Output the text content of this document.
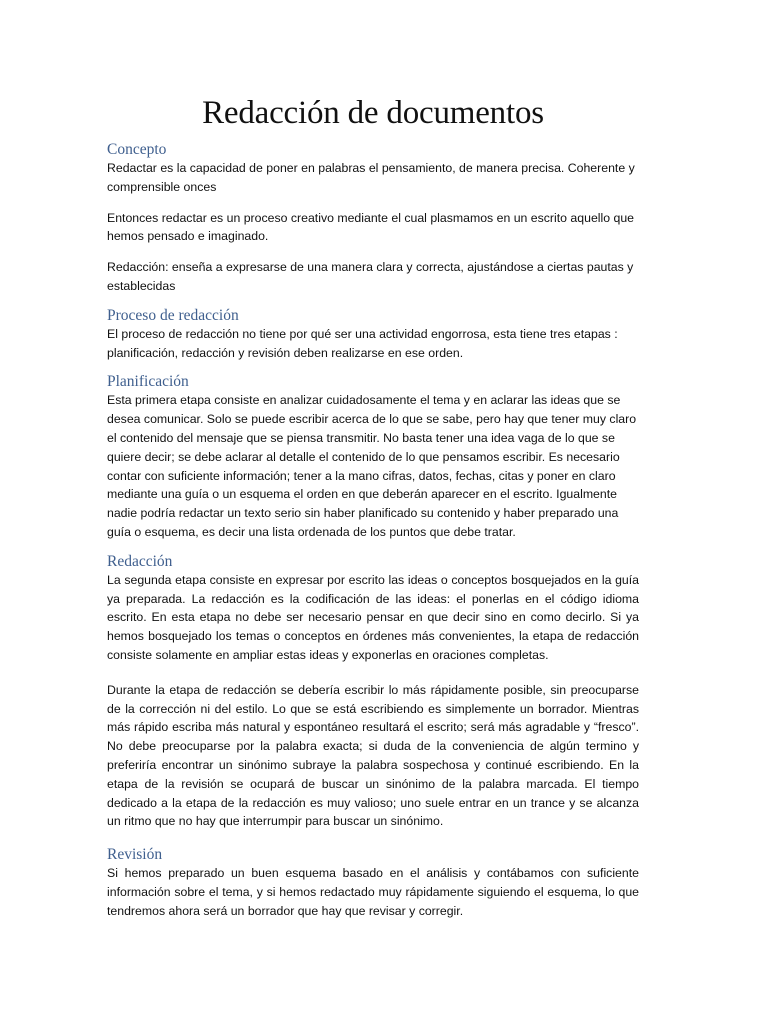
Redacción de documentos
Concepto

Redactar es la capacidad de poner en palabras el pensamiento, de manera precisa. Coherente y comprensible onces

Entonces redactar es un proceso creativo mediante el cual plasmamos en un escrito aquello que hemos pensado e imaginado.

Redacción: enseña a expresarse de una manera clara y correcta, ajustándose a ciertas pautas y establecidas

Proceso de redacción

El proceso de redacción no tiene por qué ser una actividad engorrosa, esta tiene tres etapas : planificación, redacción y revisión deben realizarse en ese orden.

Planificación

Esta primera etapa consiste en analizar cuidadosamente el tema y en aclarar las ideas que se desea comunicar. Solo se puede escribir acerca de lo que se sabe, pero hay que tener muy claro el contenido del mensaje que se piensa transmitir. No basta tener una idea vaga de lo que se quiere decir; se debe aclarar al detalle el contenido de lo que pensamos escribir. Es necesario contar con suficiente información; tener a la mano cifras, datos, fechas, citas y poner en claro mediante una guía o un esquema el orden en que deberán aparecer en el escrito. Igualmente nadie podría redactar un texto serio sin haber planificado su contenido y haber preparado una guía o esquema, es decir una lista ordenada de los puntos que debe tratar.

Redacción

La segunda etapa consiste en expresar por escrito las ideas o conceptos bosquejados en la guía ya preparada. La redacción es la codificación de las ideas: el ponerlas en el código idioma escrito. En esta etapa no debe ser necesario pensar en que decir sino en como decirlo. Si ya hemos bosquejado los temas o conceptos en órdenes más convenientes, la etapa de redacción consiste solamente en ampliar estas ideas y exponerlas en oraciones completas.

Durante la etapa de redacción se debería escribir lo más rápidamente posible, sin preocuparse de la corrección ni del estilo. Lo que se está escribiendo es simplemente un borrador. Mientras más rápido escriba más natural y espontáneo resultará el escrito; será más agradable y “fresco”. No debe preocuparse por la palabra exacta; si duda de la conveniencia de algún termino y preferiría encontrar un sinónimo subraye la palabra sospechosa y continué escribiendo. En la etapa de la revisión se ocupará de buscar un sinónimo de la palabra marcada. El tiempo dedicado a la etapa de la redacción es muy valioso; uno suele entrar en un trance y se alcanza un ritmo que no hay que interrumpir para buscar un sinónimo.

Revisión

Si hemos preparado un buen esquema basado en el análisis y contábamos con suficiente información sobre el tema, y si hemos redactado muy rápidamente siguiendo el esquema, lo que tendremos ahora será un borrador que hay que revisar y corregir.
